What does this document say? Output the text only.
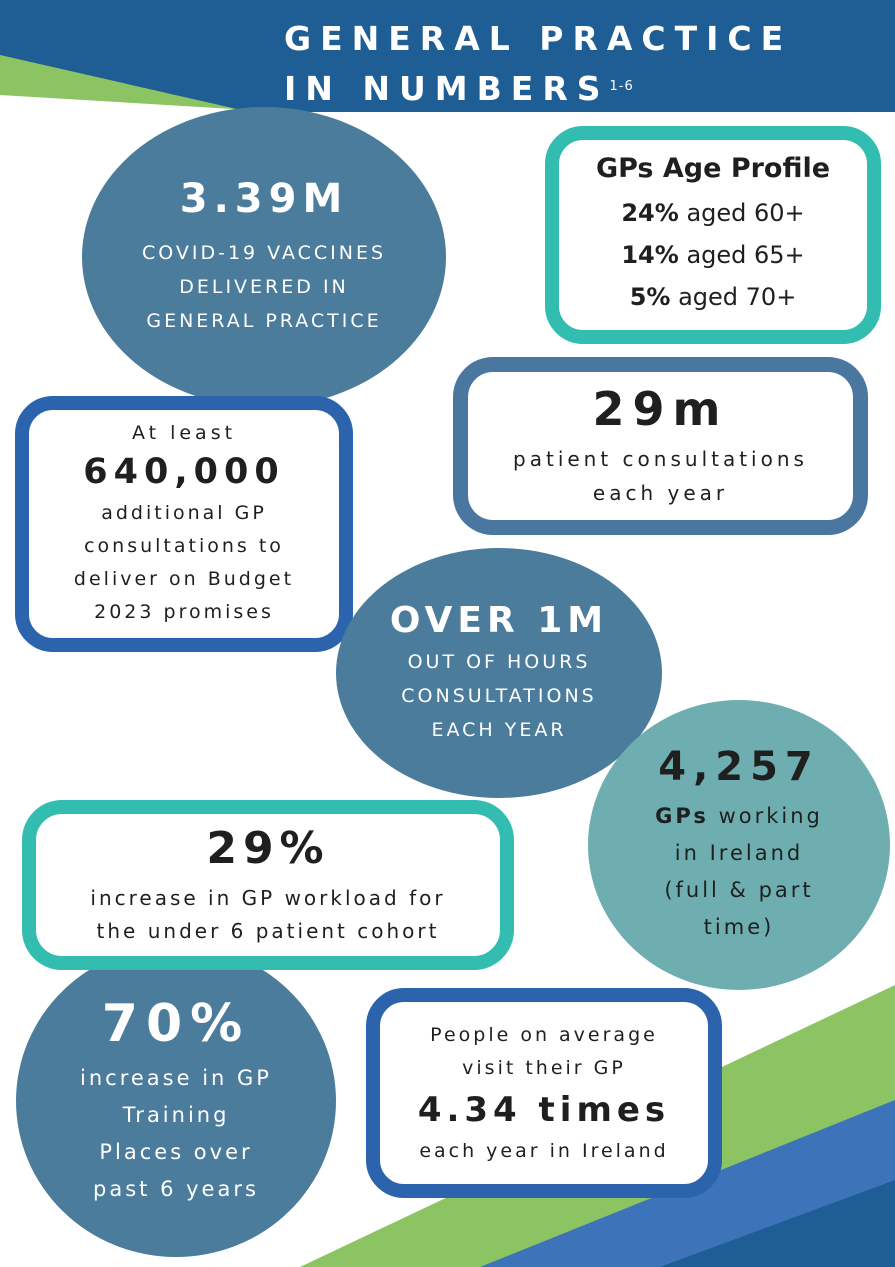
GENERAL PRACTICE
IN NUMBERS$^{1-6}$
3.39M
COVID-19 VACCINES
DELIVERED IN
GENERAL PRACTICE
GPs Age Profile
24% aged 60+
14% aged 65+
5% aged 70+
29m
patient consultations
each year
At least
640,000
additional GP
consultations to
deliver on Budget
2023 promises	OVER 1M
OUT OF HOURS
CONSULTATIONS
EACH YEAR
4,257
GPs working
in Ireland
(full & part
time)
70%
increase in GP
Training
Places over
past 6 years
29%
increase in GP workload for
the under 6 patient cohort
People on average
visit their GP
4.34 times
each year in Ireland
